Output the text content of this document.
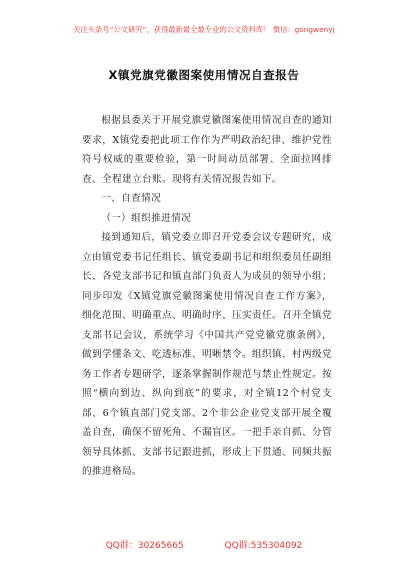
关注头条号“公文研究”，获得最新最全最专业的公文资料库！ 微信：gongwenyj
X镇党旗党徽图案使用情况自查报告

根据县委关于开展党旗党徽图案使用情况自查的通知要求，X镇党委把此项工作作为严明政治纪律、维护党性符号权威的重要检验，第一时间动员部署、全面拉网排查、全程建立台账。现将有关情况报告如下。

一、自查情况

（一）组织推进情况

接到通知后，镇党委立即召开党委会议专题研究，成立由镇党委书记任组长、镇党委副书记和组织委员任副组长、各党支部书记和镇直部门负责人为成员的领导小组；同步印发《X镇党旗党徽图案使用情况自查工作方案》，细化范围、明确重点、明确时序、压实责任。召开全镇党支部书记会议，系统学习《中国共产党党徽党旗条例》，做到学懂条文、吃透标准、明晰禁令。组织镇、村两级党务工作者专题研学，逐条掌握制作规范与禁止性规定。按照“横向到边、纵向到底”的要求，对全镇12个村党支部、6个镇直部门党支部、2个非公企业党支部开展全覆盖自查，确保不留死角、不漏盲区。一把手亲自抓、分管领导具体抓、支部书记跟进抓，形成上下贯通、同频共振的推进格局。

QQ群：30265665	QQ群:535304092
